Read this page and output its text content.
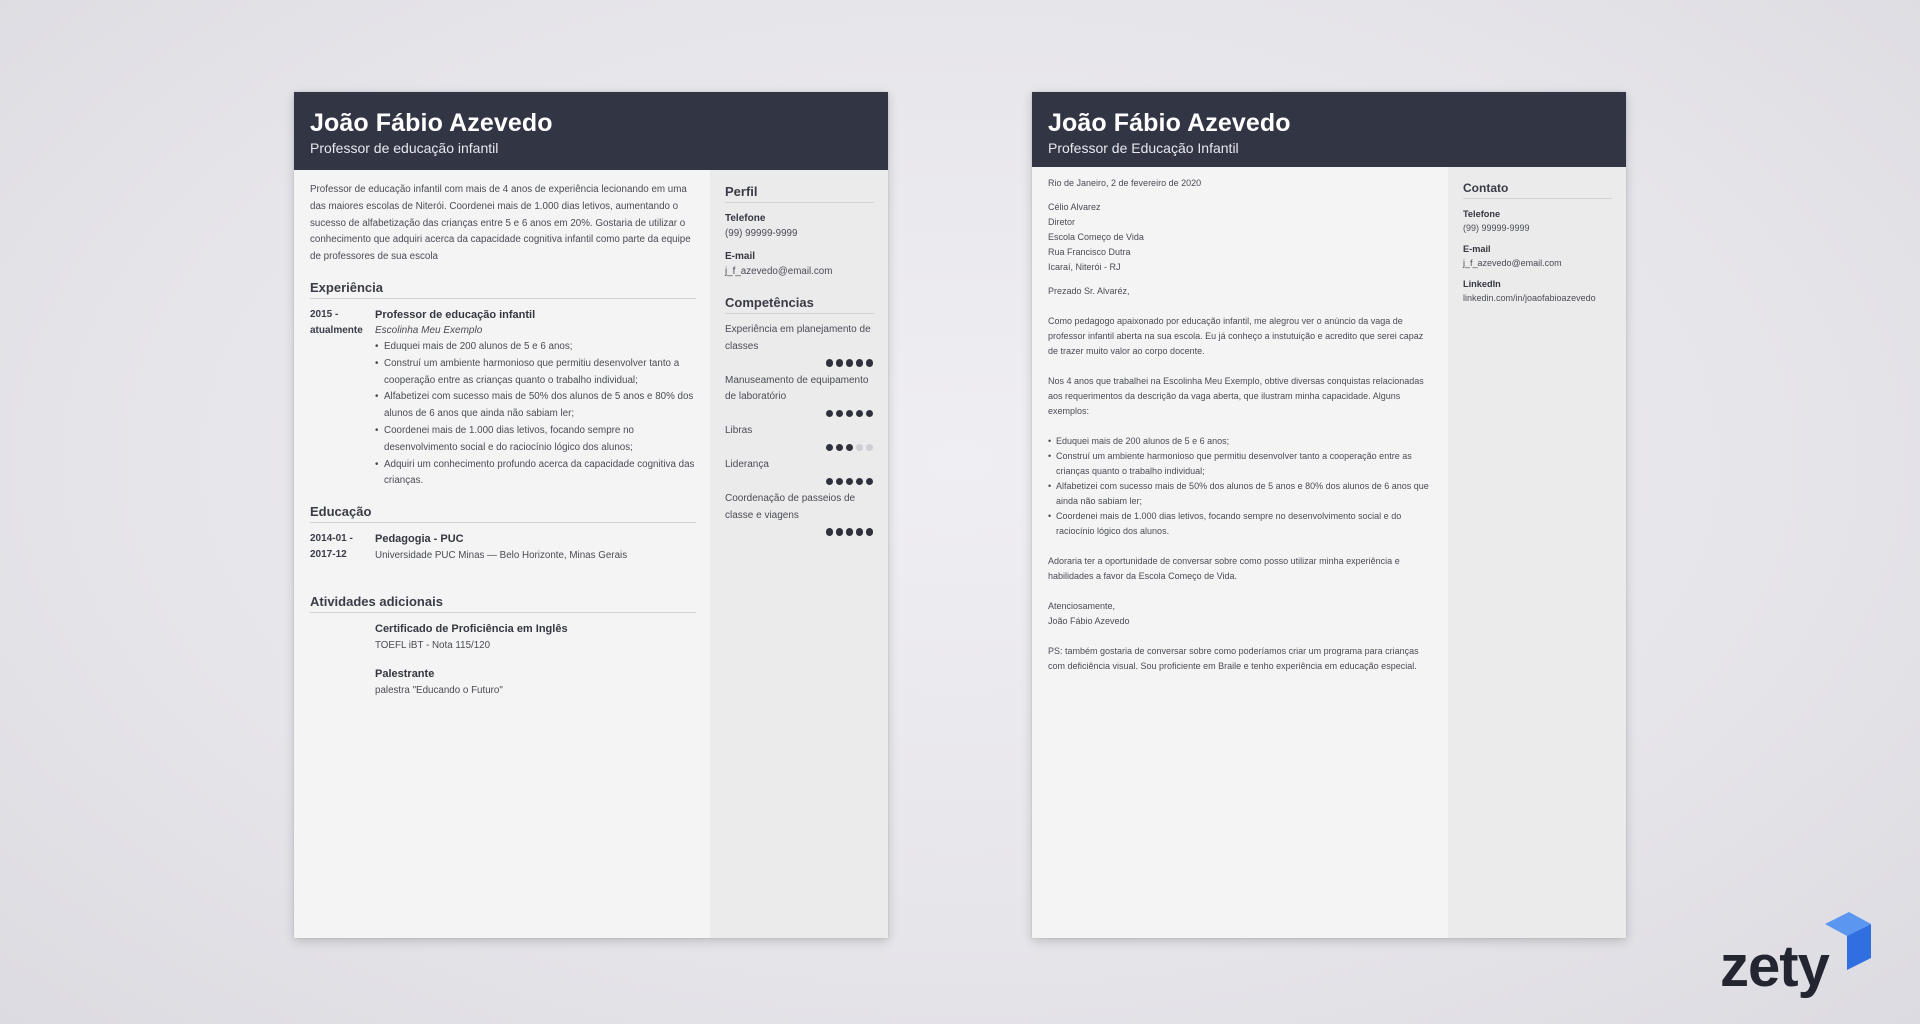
João Fábio Azevedo
Professor de educação infantil

Professor de educação infantil com mais de 4 anos de experiência lecionando em uma das maiores escolas de Niterói. Coordenei mais de 1.000 dias letivos, aumentando o sucesso de alfabetização das crianças entre 5 e 6 anos em 20%. Gostaria de utilizar o conhecimento que adquiri acerca da capacidade cognitiva infantil como parte da equipe de professores de sua escola

Experiência
2015 -
atualmente
Professor de educação infantil
Escolinha Meu Exemplo
• Eduquei mais de 200 alunos de 5 e 6 anos;
• Construí um ambiente harmonioso que permitiu desenvolver tanto a cooperação entre as crianças quanto o trabalho individual;
• Alfabetizei com sucesso mais de 50% dos alunos de 5 anos e 80% dos alunos de 6 anos que ainda não sabiam ler;
• Coordenei mais de 1.000 dias letivos, focando sempre no desenvolvimento social e do raciocínio lógico dos alunos;
• Adquiri um conhecimento profundo acerca da capacidade cognitiva das crianças.
Educação
2014-01 -
2017-12
Pedagogia - PUC
Universidade PUC Minas — Belo Horizonte, Minas Gerais
Atividades adicionais
Certificado de Proficiência em Inglês
TOEFL iBT - Nota 115/120
Palestrante
palestra "Educando o Futuro"
Perfil
Telefone
(99) 99999-9999
E-mail
j_f_azevedo@email.com
Competências
Experiência em planejamento de classes
Manuseamento de equipamento de laboratório
Libras
Liderança
Coordenação de passeios de classe e viagens
João Fábio Azevedo
Professor de Educação Infantil

Rio de Janeiro, 2 de fevereiro de 2020

Célio Alvarez

Diretor

Escola Começo de Vida

Rua Francisco Dutra

Icaraí, Niterói - RJ

Prezado Sr. Alvaréz,

Como pedagogo apaixonado por educação infantil, me alegrou ver o anúncio da vaga de professor infantil aberta na sua escola. Eu já conheço a instutuição e acredito que serei capaz de trazer muito valor ao corpo docente.

Nos 4 anos que trabalhei na Escolinha Meu Exemplo, obtive diversas conquistas relacionadas aos requerimentos da descrição da vaga aberta, que ilustram minha capacidade. Alguns exemplos:

• Eduquei mais de 200 alunos de 5 e 6 anos;
• Construí um ambiente harmonioso que permitiu desenvolver tanto a cooperação entre as crianças quanto o trabalho individual;
• Alfabetizei com sucesso mais de 50% dos alunos de 5 anos e 80% dos alunos de 6 anos que ainda não sabiam ler;
• Coordenei mais de 1.000 dias letivos, focando sempre no desenvolvimento social e do raciocínio lógico dos alunos.

Adoraria ter a oportunidade de conversar sobre como posso utilizar minha experiência e habilidades a favor da Escola Começo de Vida.

Atenciosamente,

João Fábio Azevedo

PS: também gostaria de conversar sobre como poderíamos criar um programa para crianças com deficiência visual. Sou proficiente em Braile e tenho experiência em educação especial.

Contato
Telefone
(99) 99999-9999
E-mail
j_f_azevedo@email.com
LinkedIn
linkedin.com/in/joaofabioazevedo
zety
